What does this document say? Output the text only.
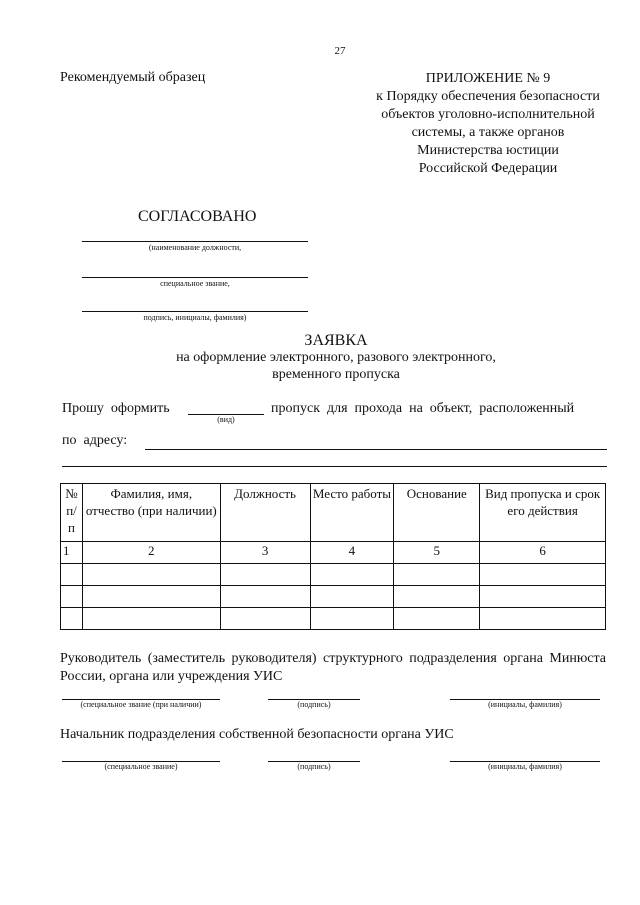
27
Рекомендуемый образец	ПРИЛОЖЕНИЕ № 9
к Порядку обеспечения безопасности
объектов уголовно-исполнительной
системы, а также органов
Министерства юстиции
Российской Федерации
СОГЛАСОВАНО
(наименование должности,
специальное звание,
подпись, инициалы, фамилия)
ЗАЯВКА
на оформление электронного, разового электронного,
временного пропуска
Прошу  оформить
(вид)
пропуск  для  прохода  на  объект,  расположенный
по  адресу:
№ п/п	Фамилия, имя, отчество (при наличии)	Должность	Место работы	Основание	Вид пропуска и срок его действия
1	2	3	4	5	6

Руководитель (заместитель руководителя) структурного подразделения органа Минюста России, органа или учреждения УИС
(специальное звание (при наличии)	(подпись)	(инициалы, фамилия)
Начальник подразделения собственной безопасности органа УИС
(специальное звание)	(подпись)	(инициалы, фамилия)
